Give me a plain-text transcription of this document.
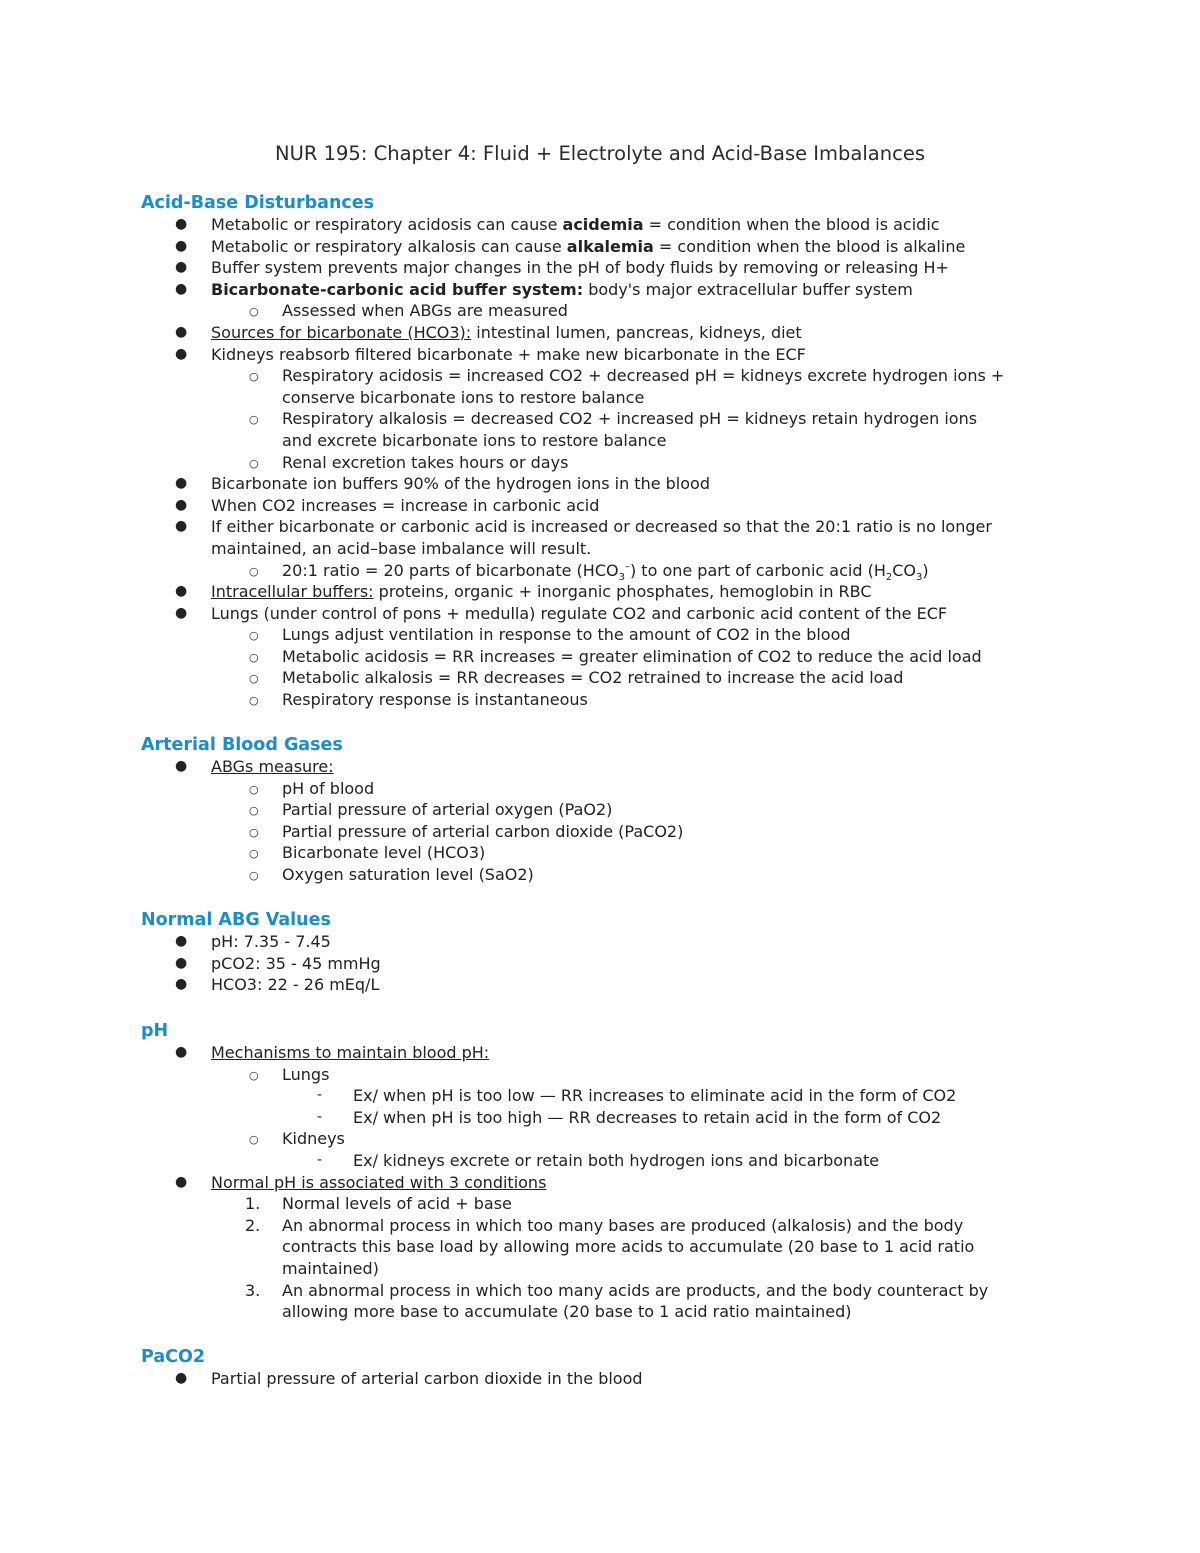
NUR 195: Chapter 4: Fluid + Electrolyte and Acid-Base Imbalances
Acid-Base Disturbances
● Metabolic or respiratory acidosis can cause acidemia = condition when the blood is acidic
● Metabolic or respiratory alkalosis can cause alkalemia = condition when the blood is alkaline
● Buffer system prevents major changes in the pH of body fluids by removing or releasing H+
● Bicarbonate-carbonic acid buffer system: body's major extracellular buffer system
○ Assessed when ABGs are measured
● Sources for bicarbonate (HCO3): intestinal lumen, pancreas, kidneys, diet
● Kidneys reabsorb filtered bicarbonate + make new bicarbonate in the ECF
○ Respiratory acidosis = increased CO2 + decreased pH = kidneys excrete hydrogen ions +
conserve bicarbonate ions to restore balance
○ Respiratory alkalosis = decreased CO2 + increased pH = kidneys retain hydrogen ions
and excrete bicarbonate ions to restore balance
○ Renal excretion takes hours or days
● Bicarbonate ion buffers 90% of the hydrogen ions in the blood
● When CO2 increases = increase in carbonic acid
● If either bicarbonate or carbonic acid is increased or decreased so that the 20:1 ratio is no longer
maintained, an acid–base imbalance will result.
○ 20:1 ratio = 20 parts of bicarbonate $(HCO_3^-)$ to one part of carbonic acid $(H_2CO_3)$
● Intracellular buffers: proteins, organic + inorganic phosphates, hemoglobin in RBC
● Lungs (under control of pons + medulla) regulate CO2 and carbonic acid content of the ECF
○ Lungs adjust ventilation in response to the amount of CO2 in the blood
○ Metabolic acidosis = RR increases = greater elimination of CO2 to reduce the acid load
○ Metabolic alkalosis = RR decreases = CO2 retrained to increase the acid load
○ Respiratory response is instantaneous
Arterial Blood Gases
● ABGs measure:
○ pH of blood
○ Partial pressure of arterial oxygen (PaO2)
○ Partial pressure of arterial carbon dioxide (PaCO2)
○ Bicarbonate level (HCO3)
○ Oxygen saturation level (SaO2)
Normal ABG Values
● pH: 7.35 - 7.45
● pCO2: 35 - 45 mmHg
● HCO3: 22 - 26 mEq/L
pH
● Mechanisms to maintain blood pH:
○ Lungs
- Ex/ when pH is too low — RR increases to eliminate acid in the form of CO2
- Ex/ when pH is too high — RR decreases to retain acid in the form of CO2
○ Kidneys
- Ex/ kidneys excrete or retain both hydrogen ions and bicarbonate
● Normal pH is associated with 3 conditions
1. Normal levels of acid + base
2. An abnormal process in which too many bases are produced (alkalosis) and the body
contracts this base load by allowing more acids to accumulate (20 base to 1 acid ratio
maintained)
3. An abnormal process in which too many acids are products, and the body counteract by
allowing more base to accumulate (20 base to 1 acid ratio maintained)
PaCO2
● Partial pressure of arterial carbon dioxide in the blood
